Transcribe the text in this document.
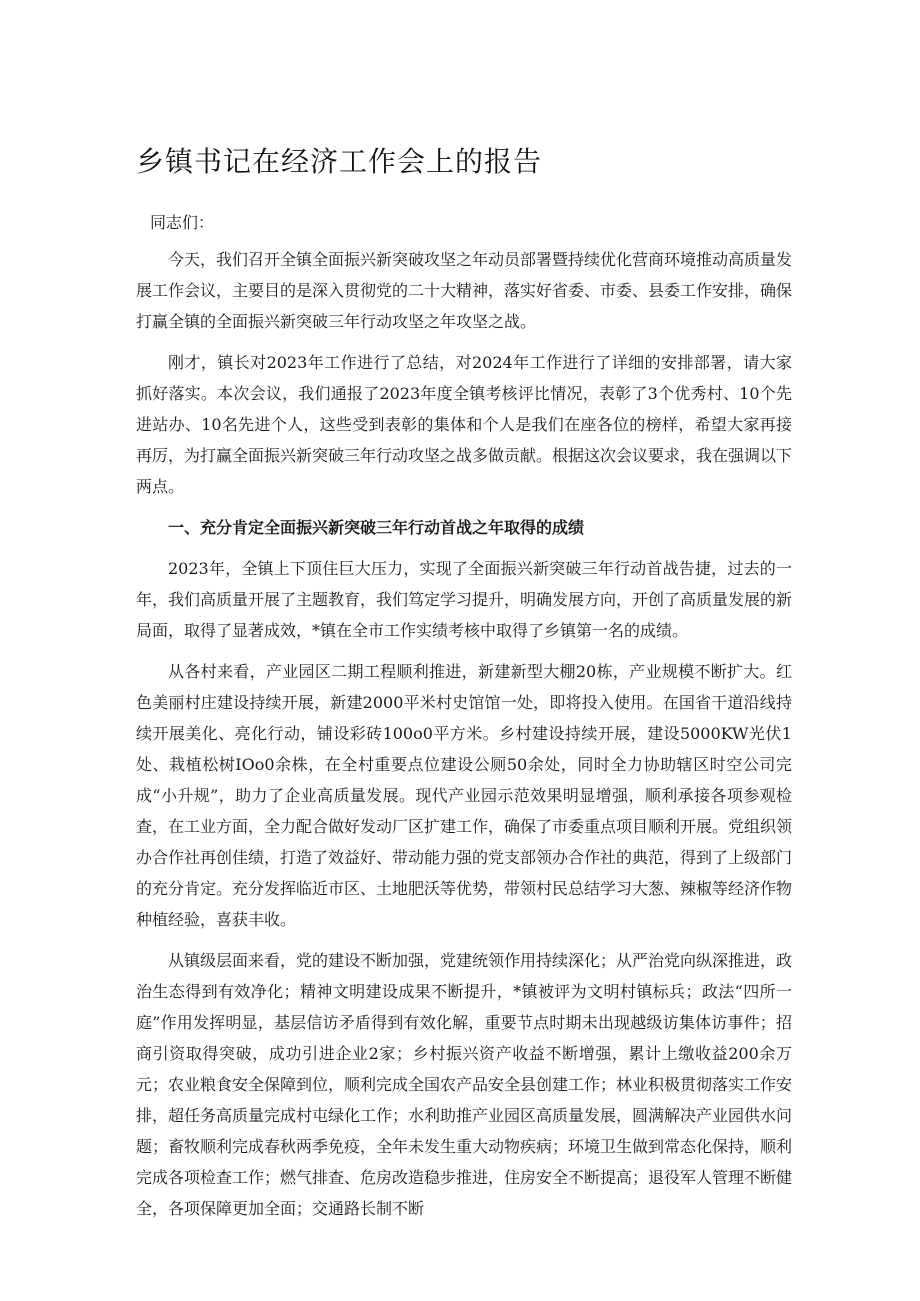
乡镇书记在经济工作会上的报告

同志们：

今天，我们召开全镇全面振兴新突破攻坚之年动员部署暨持续优化营商环境推动高质量发展工作会议，主要目的是深入贯彻党的二十大精神，落实好省委、市委、县委工作安排，确保打赢全镇的全面振兴新突破三年行动攻坚之年攻坚之战。

刚才，镇长对2023年工作进行了总结，对2024年工作进行了详细的安排部署，请大家抓好落实。本次会议，我们通报了2023年度全镇考核评比情况，表彰了3个优秀村、10个先进站办、10名先进个人，这些受到表彰的集体和个人是我们在座各位的榜样，希望大家再接再厉，为打赢全面振兴新突破三年行动攻坚之战多做贡献。根据这次会议要求，我在强调以下两点。

一、充分肯定全面振兴新突破三年行动首战之年取得的成绩

2023年，全镇上下顶住巨大压力，实现了全面振兴新突破三年行动首战告捷，过去的一年，我们高质量开展了主题教育，我们笃定学习提升，明确发展方向，开创了高质量发展的新局面，取得了显著成效，*镇在全市工作实绩考核中取得了乡镇第一名的成绩。

从各村来看，产业园区二期工程顺利推进，新建新型大棚20栋，产业规模不断扩大。红色美丽村庄建设持续开展，新建2000平米村史馆馆一处，即将投入使用。在国省干道沿线持续开展美化、亮化行动，铺设彩砖100o0平方米。乡村建设持续开展，建设5000KW光伏1处、栽植松树IOo0余株，在全村重要点位建设公厕50余处，同时全力协助辖区时空公司完成“小升规”，助力了企业高质量发展。现代产业园示范效果明显增强，顺利承接各项参观检查，在工业方面，全力配合做好发动厂区扩建工作，确保了市委重点项目顺利开展。党组织领办合作社再创佳绩，打造了效益好、带动能力强的党支部领办合作社的典范，得到了上级部门的充分肯定。充分发挥临近市区、土地肥沃等优势，带领村民总结学习大葱、辣椒等经济作物种植经验，喜获丰收。

从镇级层面来看，党的建设不断加强，党建统领作用持续深化；从严治党向纵深推进，政治生态得到有效净化；精神文明建设成果不断提升，*镇被评为文明村镇标兵；政法“四所一庭”作用发挥明显，基层信访矛盾得到有效化解，重要节点时期未出现越级访集体访事件；招商引资取得突破，成功引进企业2家；乡村振兴资产收益不断增强，累计上缴收益200余万元；农业粮食安全保障到位，顺利完成全国农产品安全县创建工作；林业积极贯彻落实工作安排，超任务高质量完成村屯绿化工作；水利助推产业园区高质量发展，圆满解决产业园供水问题；畜牧顺利完成春秋两季免疫，全年未发生重大动物疾病；环境卫生做到常态化保持，顺利完成各项检查工作；燃气排查、危房改造稳步推进，住房安全不断提高；退役军人管理不断健全，各项保障更加全面；交通路长制不断
